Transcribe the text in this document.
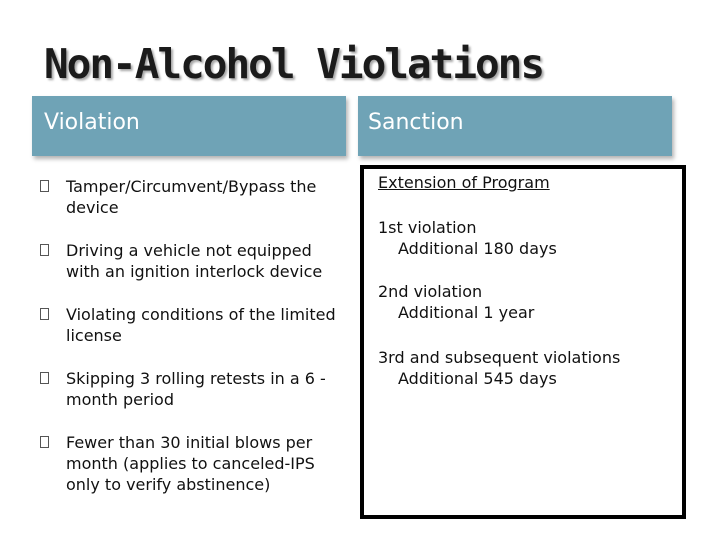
Non-Alcohol Violations
Violation	Sanction
Tamper/Circumvent/Bypass the device
Driving a vehicle not equipped with an ignition interlock device
Violating conditions of the limited license
Skipping 3 rolling retests in a 6 -month period
Fewer than 30 initial blows per month (applies to canceled-IPS only to verify abstinence)
Extension of Program
1st violation
Additional 180 days
2nd violation
Additional 1 year
3rd and subsequent violations
Additional 545 days
